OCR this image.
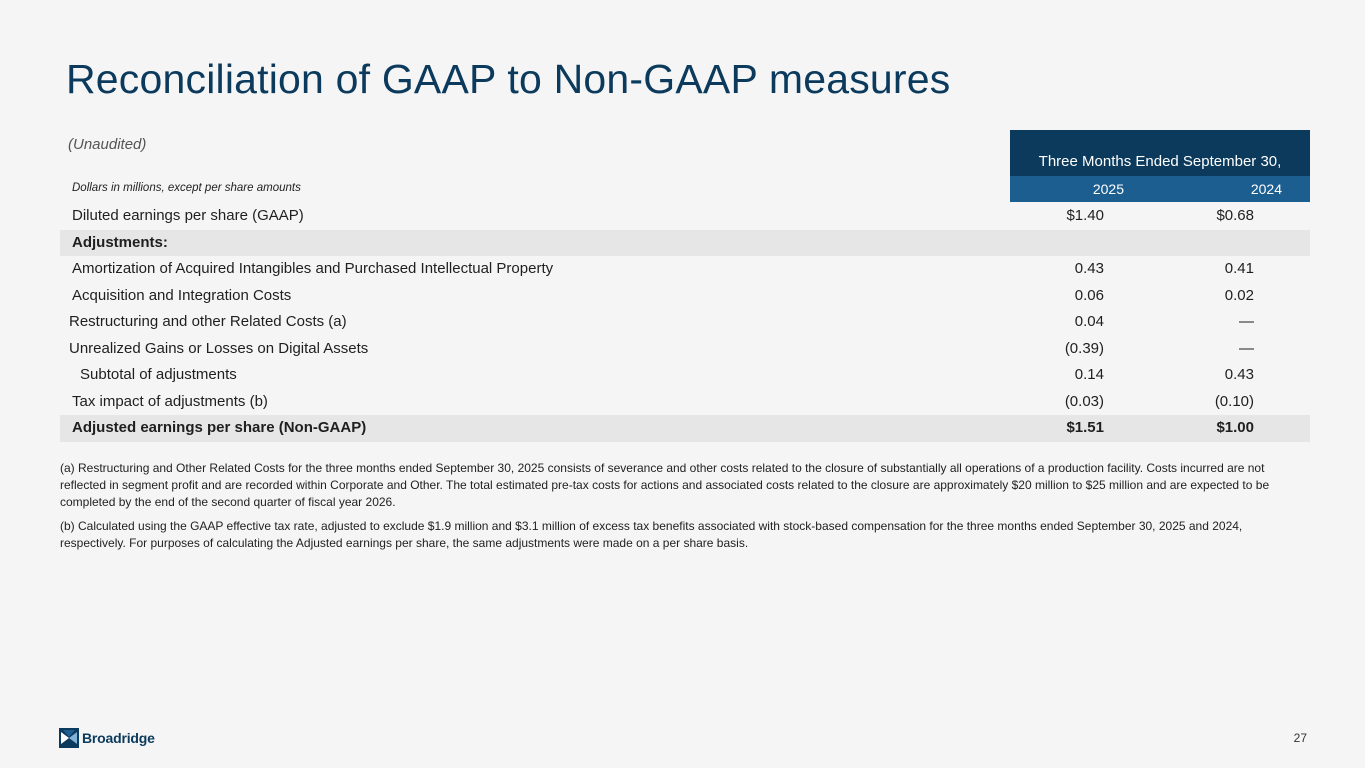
Reconciliation of GAAP to Non-GAAP measures
(Unaudited)
Three Months Ended September 30,
Dollars in millions, except per share amounts	2025	2024
Diluted earnings per share (GAAP)	$1.40	$0.68
Adjustments:
Amortization of Acquired Intangibles and Purchased Intellectual Property	0.43	0.41
Acquisition and Integration Costs	0.06	0.02
Restructuring and other Related Costs (a)	0.04	—
Unrealized Gains or Losses on Digital Assets	(0.39)	—
Subtotal of adjustments	0.14	0.43
Tax impact of adjustments (b)	(0.03)	(0.10)
Adjusted earnings per share (Non-GAAP)	$1.51	$1.00

(a) Restructuring and Other Related Costs for the three months ended September 30, 2025 consists of severance and other costs related to the closure of substantially all operations of a production facility. Costs incurred are not reflected in segment profit and are recorded within Corporate and Other. The total estimated pre-tax costs for actions and associated costs related to the closure are approximately $20 million to $25 million and are expected to be completed by the end of the second quarter of fiscal year 2026.

(b) Calculated using the GAAP effective tax rate, adjusted to exclude $1.9 million and $3.1 million of excess tax benefits associated with stock-based compensation for the three months ended September 30, 2025 and 2024, respectively. For purposes of calculating the Adjusted earnings per share, the same adjustments were made on a per share basis.

Broadridge	27
